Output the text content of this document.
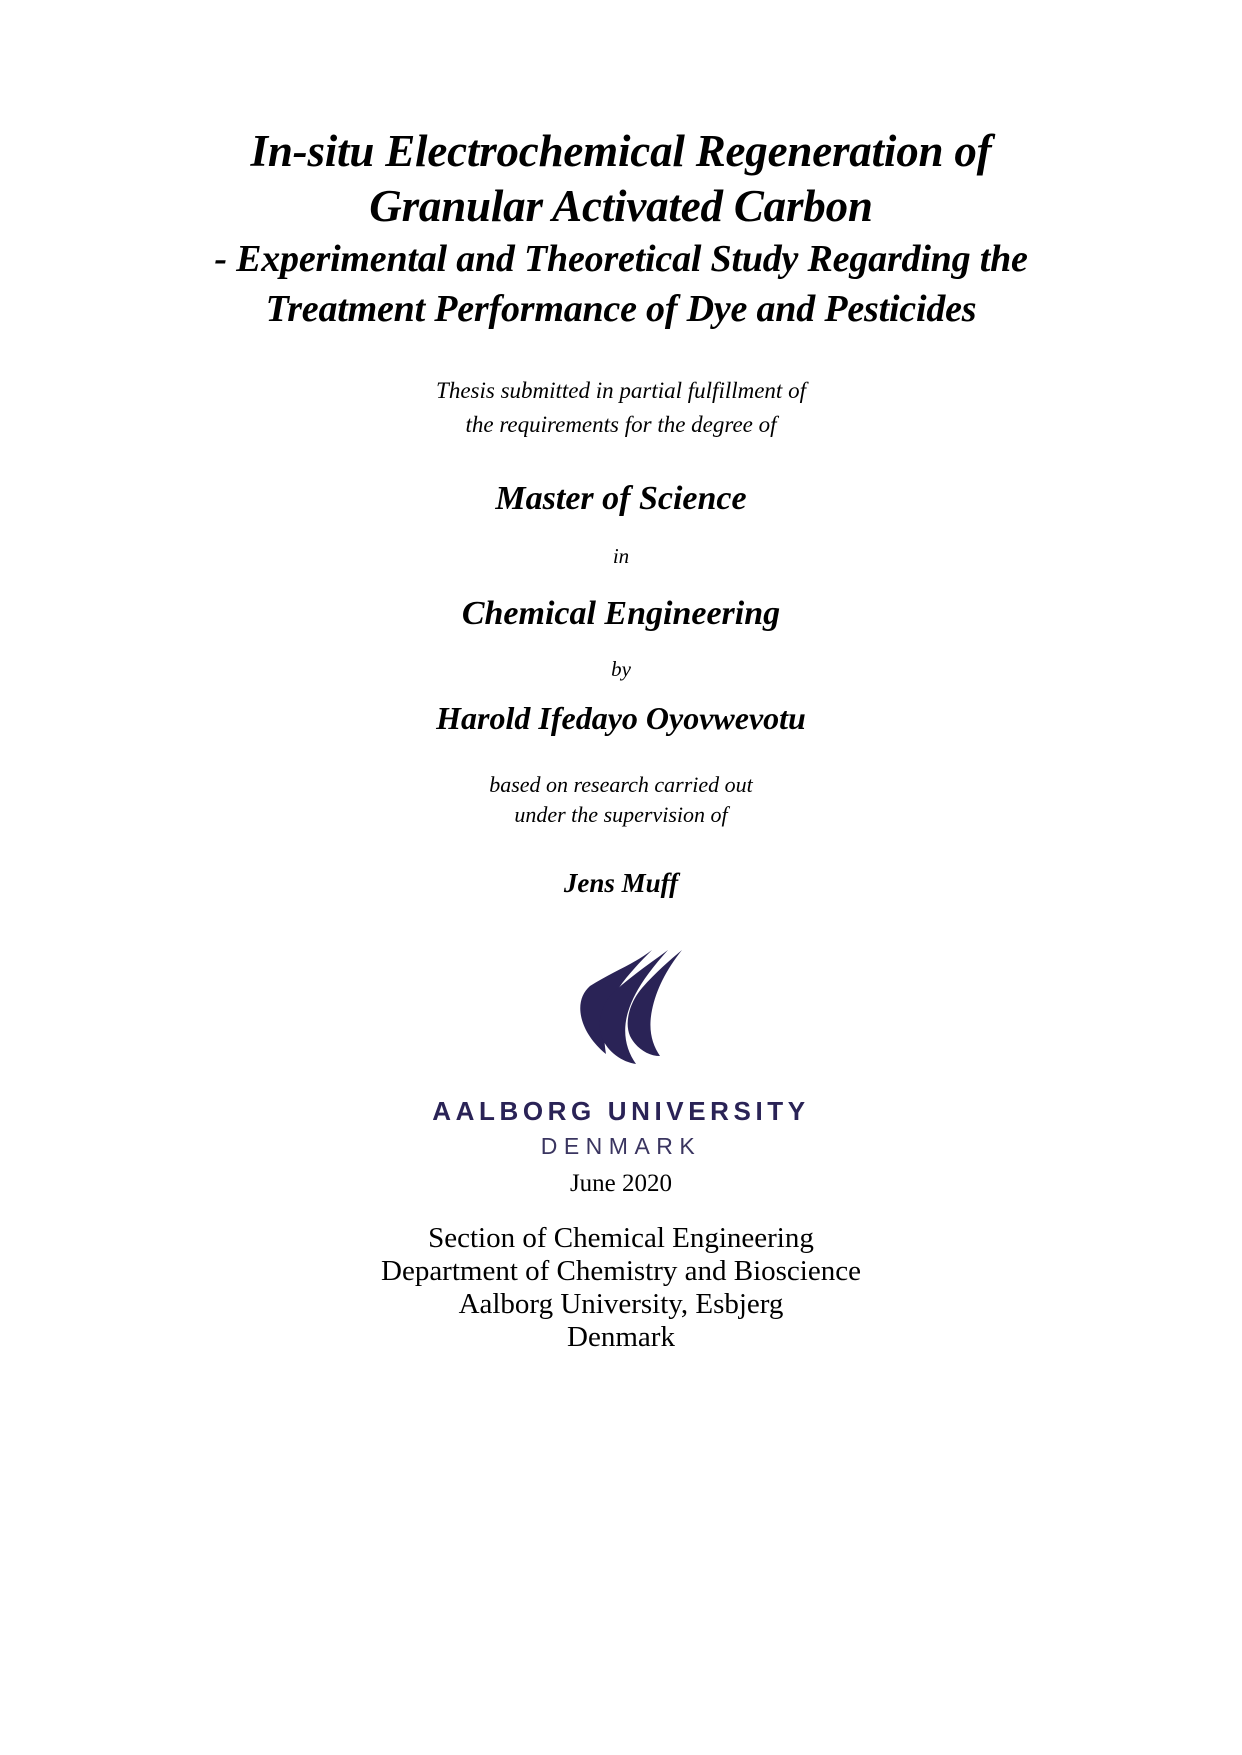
In-situ Electrochemical Regeneration of
Granular Activated Carbon
- Experimental and Theoretical Study Regarding the
Treatment Performance of Dye and Pesticides
Thesis submitted in partial fulfillment of
the requirements for the degree of
Master of Science
in
Chemical Engineering
by
Harold Ifedayo Oyovwevotu
based on research carried out
under the supervision of
Jens Muff
AALBORG UNIVERSITY
DENMARK
June 2020
Section of Chemical Engineering
Department of Chemistry and Bioscience
Aalborg University, Esbjerg
Denmark
